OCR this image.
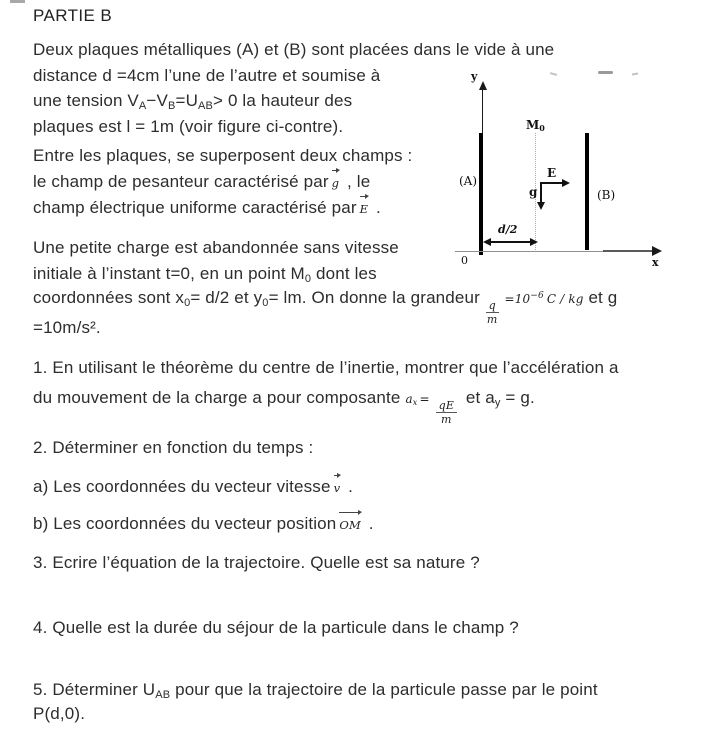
PARTIE B
Deux plaques métalliques (A) et (B) sont placées dans le vide à une
distance d =4cm l’une de l’autre et soumise à
une tension VA−VB=UAB> 0 la hauteur des
plaques est l = 1m (voir figure ci-contre).
Entre les plaques, se superposent deux champs :
le champ de pesanteur caractérisé par g , le
champ électrique uniforme caractérisé par E .
Une petite charge est abandonnée sans vitesse
initiale à l’instant t=0, en un point M0 dont les
coordonnées sont x0= d/2 et y0= lm. On donne la grandeur
$\frac{q}{m} =10^{-6}$ C / kg et g
=10m/s².
y
(A)
M0
(B)
E
g
d/2
0	x
1. En utilisant le théorème du centre de l’inertie, montrer que l’accélération a
du mouvement de la charge a pour composante ax = $\frac{qE}{m}$
et ay = g.
2. Déterminer en fonction du temps :
a) Les coordonnées du vecteur vitesse v .
b) Les coordonnées du vecteur position OM .
3. Ecrire l’équation de la trajectoire. Quelle est sa nature ?
4. Quelle est la durée du séjour de la particule dans le champ ?
5. Déterminer UAB pour que la trajectoire de la particule passe par le point
P(d,0).
